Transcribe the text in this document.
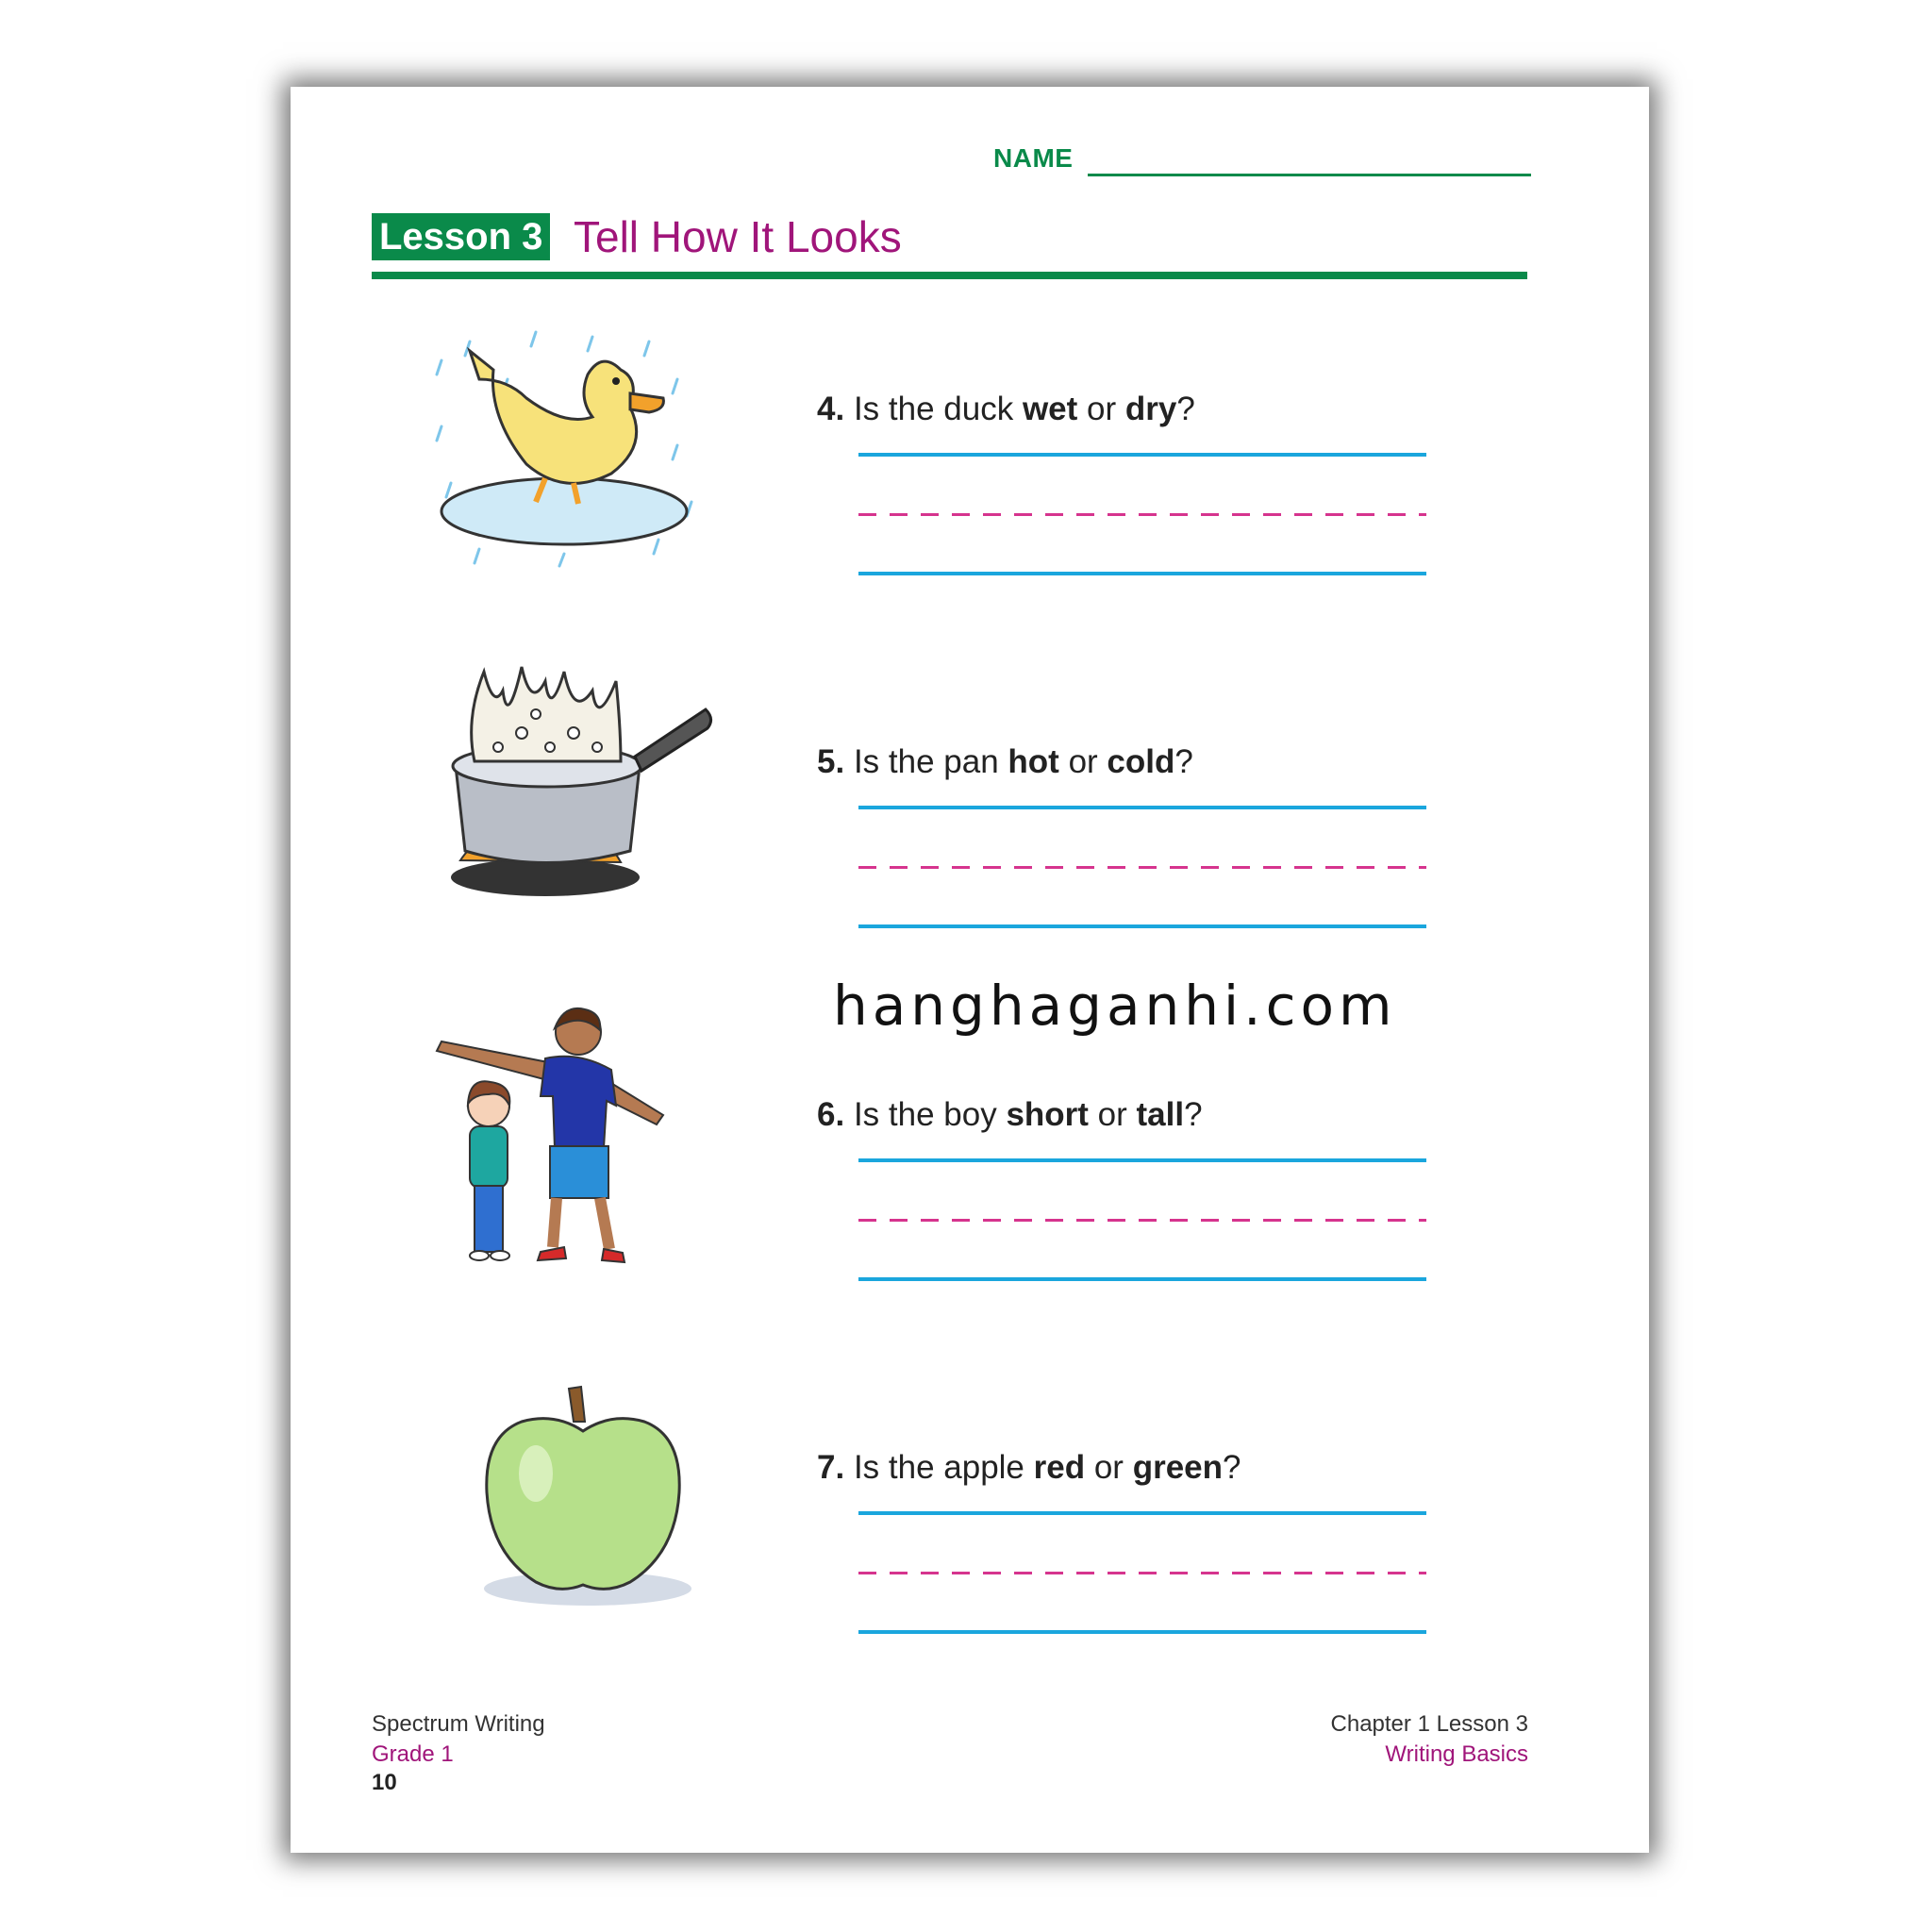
NAME
Lesson 3 Tell How It Looks
4. Is the duck wet or dry?
5. Is the pan hot or cold?
hanghaganhi.com
6. Is the boy short or tall?
7. Is the apple red or green?
Spectrum Writing
Grade 1
10
Chapter 1 Lesson 3
Writing Basics
